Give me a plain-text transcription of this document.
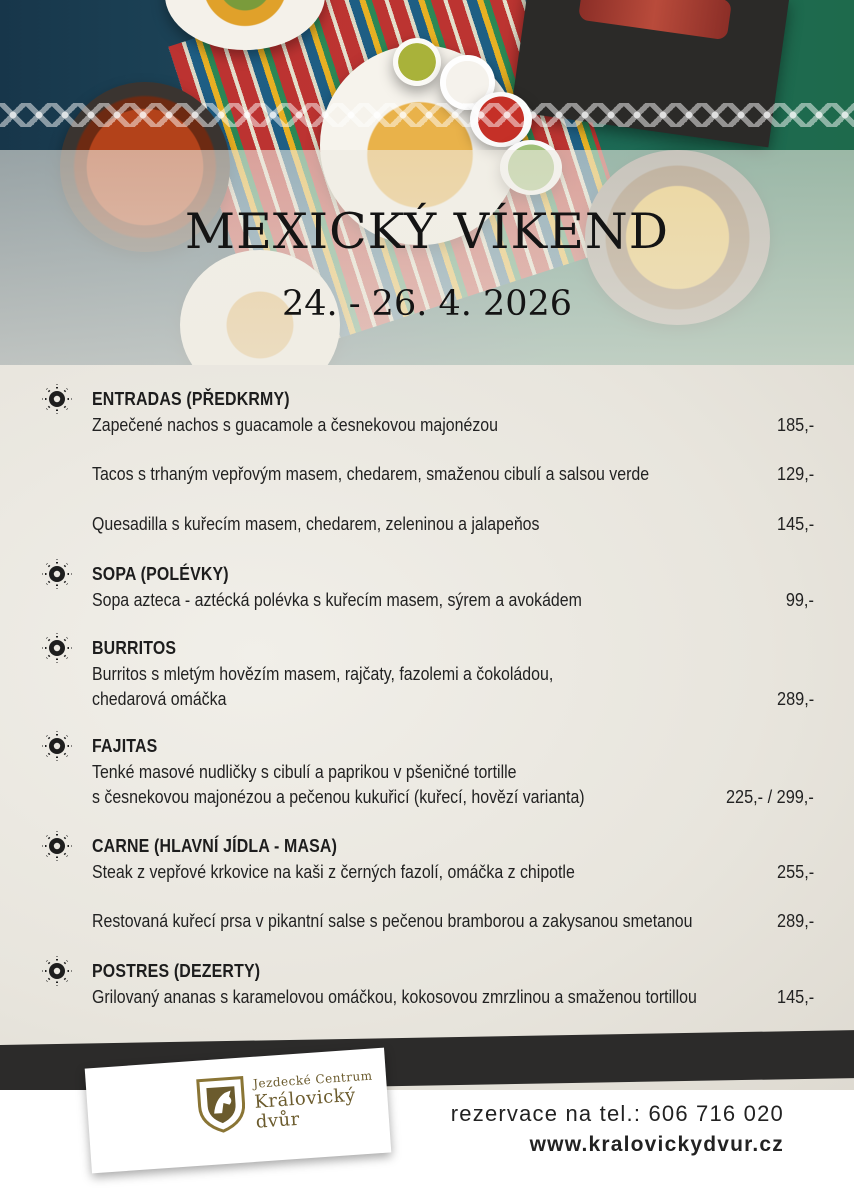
MEXICKÝ VÍKEND
24. - 26. 4. 2026
ENTRADAS (PŘEDKRMY)
Zapečené nachos s guacamole a česnekovou majonézou	185,-
Tacos s trhaným vepřovým masem, chedarem, smaženou cibulí a salsou verde	129,-
Quesadilla s kuřecím masem, chedarem, zeleninou a jalapeňos	145,-
SOPA (POLÉVKY)
Sopa azteca - aztécká polévka s kuřecím masem, sýrem a avokádem	99,-
BURRITOS
Burritos s mletým hovězím masem, rajčaty, fazolemi a čokoládou,
chedarová omáčka	289,-
FAJITAS
Tenké masové nudličky s cibulí a paprikou v pšeničné tortille
s česnekovou majonézou a pečenou kukuřicí (kuřecí, hovězí varianta)	225,- / 299,-
CARNE (HLAVNÍ JÍDLA - MASA)
Steak z vepřové krkovice na kaši z černých fazolí, omáčka z chipotle	255,-
Restovaná kuřecí prsa v pikantní salse s pečenou bramborou a zakysanou smetanou	289,-
POSTRES (DEZERTY)
Grilovaný ananas s karamelovou omáčkou, kokosovou zmrzlinou a smaženou tortillou	145,-
Jezdecké Centrum
Královický
dvůr	rezervace na tel.: 606 716 020
www.kralovickydvur.cz
